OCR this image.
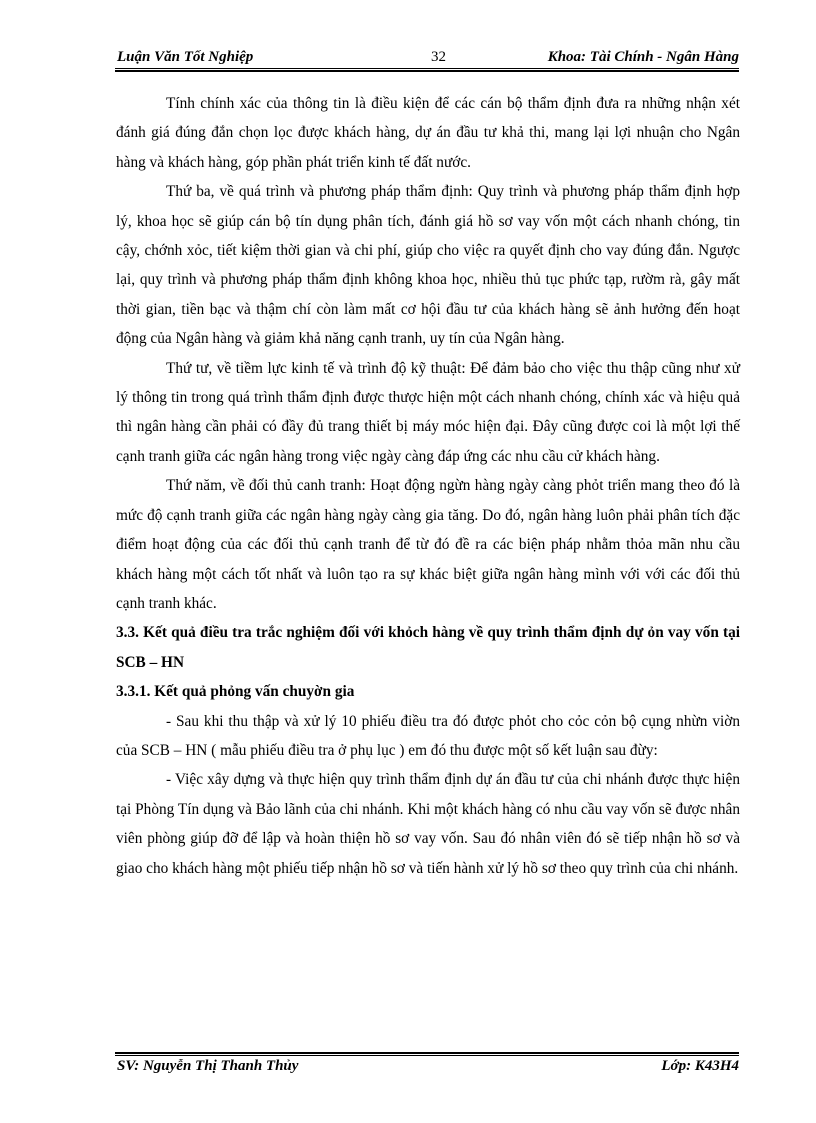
Luận Văn Tốt Nghiệp	32	Khoa: Tài Chính - Ngân Hàng

Tính chính xác của thông tin là điều kiện để các cán bộ thẩm định đưa ra những nhận xét đánh giá đúng đắn chọn lọc được khách hàng, dự án đầu tư khả thi, mang lại lợi nhuận cho Ngân hàng và khách hàng, góp phần phát triển kinh tế đất nước.

Thứ ba, về quá trình và phương pháp thẩm định: Quy trình và phương pháp thẩm định hợp lý, khoa học sẽ giúp cán bộ tín dụng phân tích, đánh giá hồ sơ vay vốn một cách nhanh chóng, tin cậy, chớnh xỏc, tiết kiệm thời gian và chi phí, giúp cho việc ra quyết định cho vay đúng đắn. Ngược lại, quy trình và phương pháp thẩm định không khoa học, nhiều thủ tục phức tạp, rườm rà, gây mất thời gian, tiền bạc và thậm chí còn làm mất cơ hội đầu tư của khách hàng sẽ ảnh hưởng đến hoạt động của Ngân hàng và giảm khả năng cạnh tranh, uy tín của Ngân hàng.

Thứ tư, về tiềm lực kinh tế và trình độ kỹ thuật: Để đảm bảo cho việc thu thập cũng như xử lý thông tin trong quá trình thẩm định được thược hiện một cách nhanh chóng, chính xác và hiệu quả thì ngân hàng cần phải có đầy đủ trang thiết bị máy móc hiện đại. Đây cũng được coi là một lợi thế cạnh tranh giữa các ngân hàng trong việc ngày càng đáp ứng các nhu cầu cử khách hàng.

Thứ năm, về đối thủ canh tranh: Hoạt động ngừn hàng ngày càng phỏt triển mang theo đó là mức độ cạnh tranh giữa các ngân hàng ngày càng gia tăng. Do đó, ngân hàng luôn phải phân tích đặc điểm hoạt động của các đối thủ cạnh tranh để từ đó đề ra các biện pháp nhằm thỏa mãn nhu cầu khách hàng một cách tốt nhất và luôn tạo ra sự khác biệt giữa ngân hàng mình với với các đối thủ cạnh tranh khác.

3.3. Kết quả điều tra trắc nghiệm đối với khỏch hàng về quy trình thẩm định dự ỏn vay vốn tại SCB – HN
3.3.1. Kết quả phỏng vấn chuyờn gia

- Sau khi thu thập và xử lý 10 phiếu điều tra đó được phỏt cho cỏc cỏn bộ cụng nhừn viờn của SCB – HN ( mẫu phiếu điều tra ở phụ lục ) em đó thu được một số kết luận sau đừy:

- Việc xây dựng và thực hiện quy trình thẩm định dự án đầu tư của chi nhánh được thực hiện tại Phòng Tín dụng và Bảo lãnh của chi nhánh. Khi một khách hàng có nhu cầu vay vốn sẽ được nhân viên phòng giúp đỡ để lập và hoàn thiện hồ sơ vay vốn. Sau đó nhân viên đó sẽ tiếp nhận hồ sơ và giao cho khách hàng một phiếu tiếp nhận hồ sơ và tiến hành xử lý hồ sơ theo quy trình của chi nhánh.

SV: Nguyễn Thị Thanh Thủy	Lớp: K43H4
